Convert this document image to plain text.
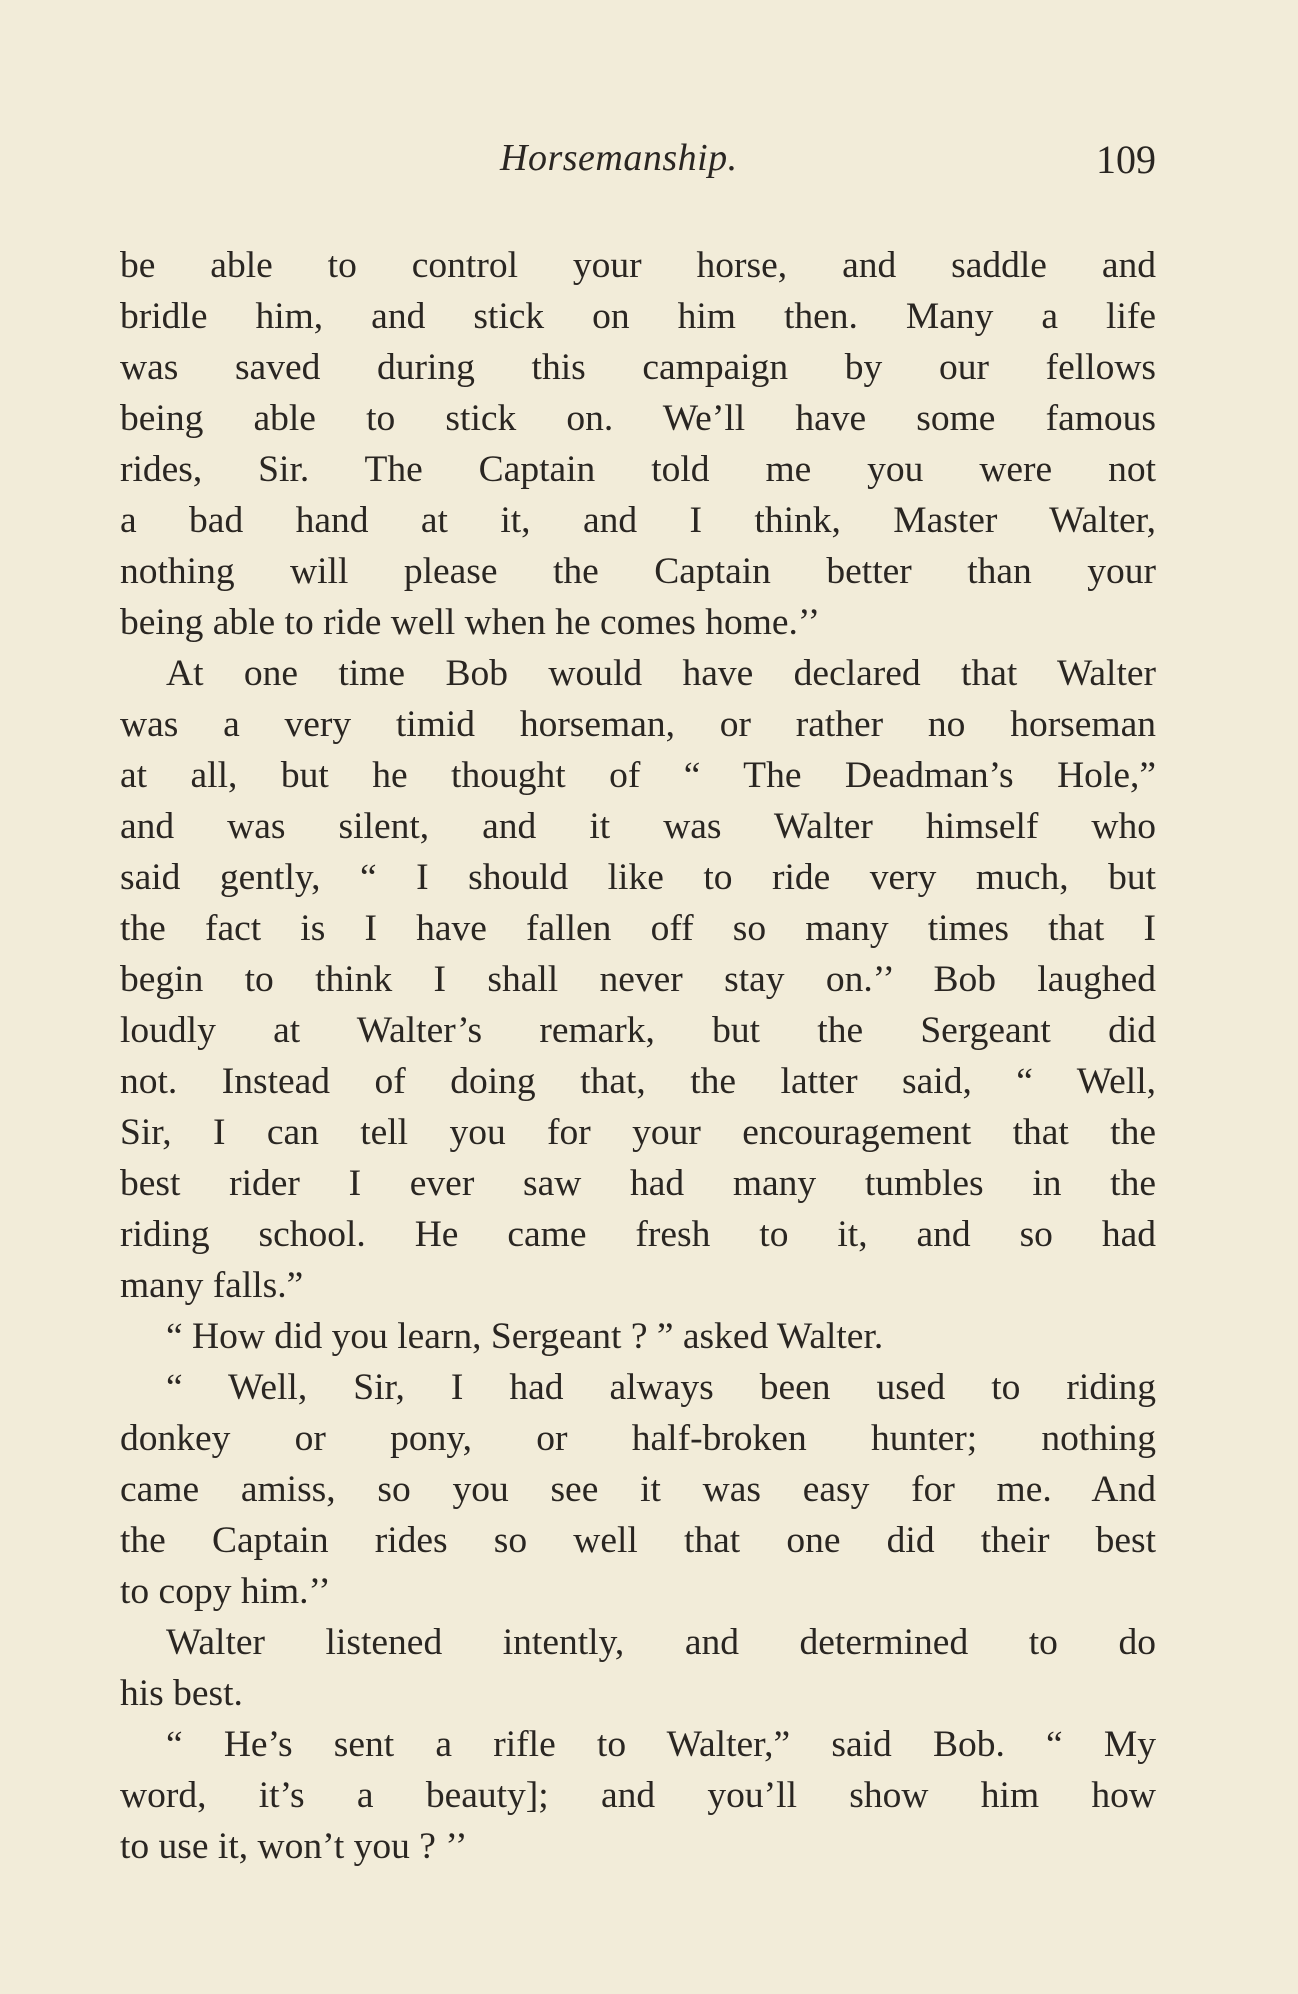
Horsemanship.	109
be able to control your horse, and saddle and
bridle him, and stick on him then. Many a life
was saved during this campaign by our fellows
being able to stick on. We’ll have some famous
rides, Sir. The Captain told me you were not
a bad hand at it, and I think, Master Walter,
nothing will please the Captain better than your
being able to ride well when he comes home.’’
At one time Bob would have declared that Walter
was a very timid horseman, or rather no horseman
at all, but he thought of “ The Deadman’s Hole,”
and was silent, and it was Walter himself who
said gently, “ I should like to ride very much, but
the fact is I have fallen off so many times that I
begin to think I shall never stay on.’’ Bob laughed
loudly at Walter’s remark, but the Sergeant did
not. Instead of doing that, the latter said, “ Well,
Sir, I can tell you for your encouragement that the
best rider I ever saw had many tumbles in the
riding school. He came fresh to it, and so had
many falls.”
“ How did you learn, Sergeant ? ” asked Walter.
“ Well, Sir, I had always been used to riding
donkey or pony, or half-broken hunter; nothing
came amiss, so you see it was easy for me. And
the Captain rides so well that one did their best
to copy him.’’
Walter listened intently, and determined to do
his best.
“ He’s sent a rifle to Walter,” said Bob. “ My
word, it’s a beauty]; and you’ll show him how
to use it, won’t you ? ’’
